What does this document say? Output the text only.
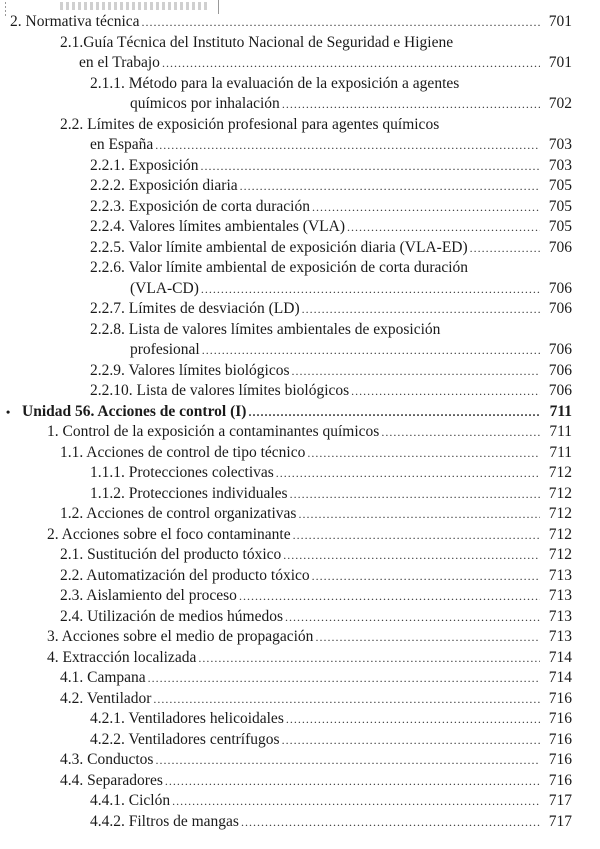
2. Normativa técnica .....	701
2.1.Guía Técnica del Instituto Nacional de Seguridad e Higiene
en el Trabajo .....	701
2.1.1. Método para la evaluación de la exposición a agentes
químicos por inhalación .....	702
2.2. Límites de exposición profesional para agentes químicos
en España .....	703
2.2.1. Exposición .....	703
2.2.2. Exposición diaria .....	705
2.2.3. Exposición de corta duración .....	705
2.2.4. Valores límites ambientales (VLA) .....	705
2.2.5. Valor límite ambiental de exposición diaria (VLA-ED) .....	706
2.2.6. Valor límite ambiental de exposición de corta duración
(VLA-CD) .....	706
2.2.7. Límites de desviación (LD) .....	706
2.2.8. Lista de valores límites ambientales de exposición
profesional .....	706
2.2.9. Valores límites biológicos .....	706
2.2.10. Lista de valores límites biológicos .....	706
• Unidad 56. Acciones de control (I) .....	711
1. Control de la exposición a contaminantes químicos .....	711
1.1. Acciones de control de tipo técnico .....	711
1.1.1. Protecciones colectivas .....	712
1.1.2. Protecciones individuales .....	712
1.2. Acciones de control organizativas .....	712
2. Acciones sobre el foco contaminante .....	712
2.1. Sustitución del producto tóxico .....	712
2.2. Automatización del producto tóxico .....	713
2.3. Aislamiento del proceso .....	713
2.4. Utilización de medios húmedos .....	713
3. Acciones sobre el medio de propagación .....	713
4. Extracción localizada .....	714
4.1. Campana .....	714
4.2. Ventilador .....	716
4.2.1. Ventiladores helicoidales .....	716
4.2.2. Ventiladores centrífugos .....	716
4.3. Conductos .....	716
4.4. Separadores .....	716
4.4.1. Ciclón .....	717
4.4.2. Filtros de mangas .....	717
